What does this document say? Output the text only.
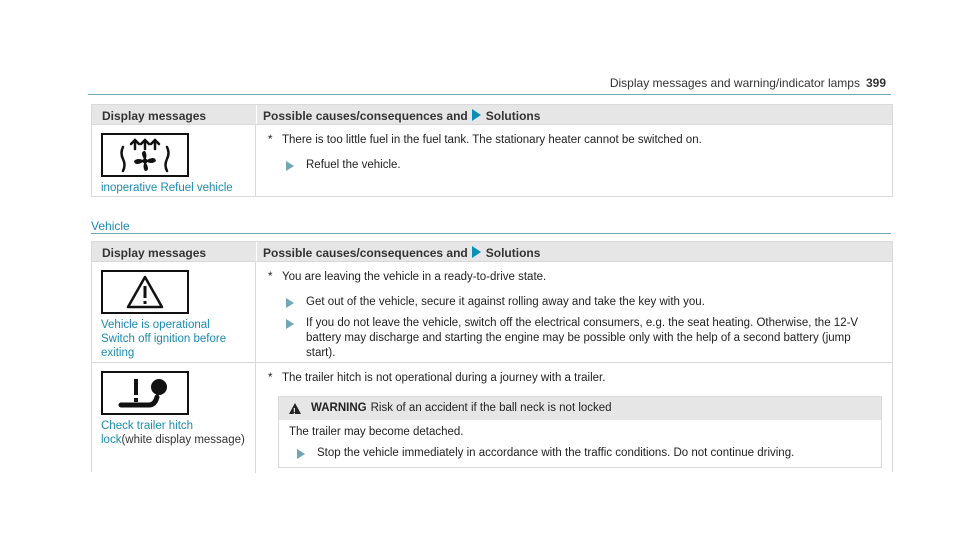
Display messages and warning/indicator lamps 399
Display messages	Possible causes/consequences and Solutions
inoperative Refuel vehicle
* There is too little fuel in the fuel tank. The stationary heater cannot be switched on.
Refuel the vehicle.
Vehicle
Display messages	Possible causes/consequences and Solutions
Vehicle is operational
Switch off ignition before
exiting
* You are leaving the vehicle in a ready-to-drive state.
Get out of the vehicle, secure it against rolling away and take the key with you.
If you do not leave the vehicle, switch off the electrical consumers, e.g. the seat heating. Otherwise, the 12-V battery may discharge and starting the engine may be possible only with the help of a second battery (jump start).
Check trailer hitch
lock(white display message)
* The trailer hitch is not operational during a journey with a trailer.
!
WARNING Risk of an accident if the ball neck is not locked
The trailer may become detached.
Stop the vehicle immediately in accordance with the traffic conditions. Do not continue driving.
